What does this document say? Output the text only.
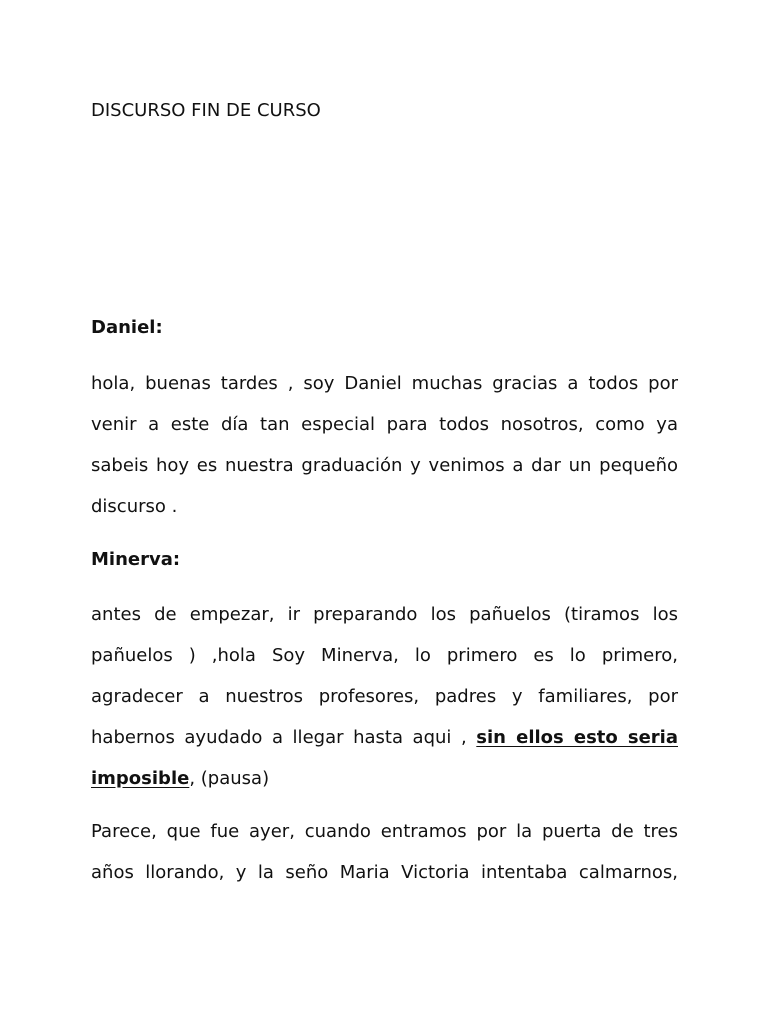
DISCURSO FIN DE CURSO
Daniel:
hola, buenas tardes , soy Daniel muchas gracias a todos por
venir a este día tan especial para todos nosotros, como ya
sabeis hoy es nuestra graduación y venimos a dar un pequeño
discurso .
Minerva:
antes de empezar, ir preparando los pañuelos (tiramos los
pañuelos ) ,hola Soy Minerva, lo primero es lo primero,
agradecer a nuestros profesores, padres y familiares, por
habernos ayudado a llegar hasta aqui , sin ellos esto seria
imposible, (pausa)
Parece, que fue ayer, cuando entramos por la puerta de tres
años llorando, y la seño Maria Victoria intentaba calmarnos,
